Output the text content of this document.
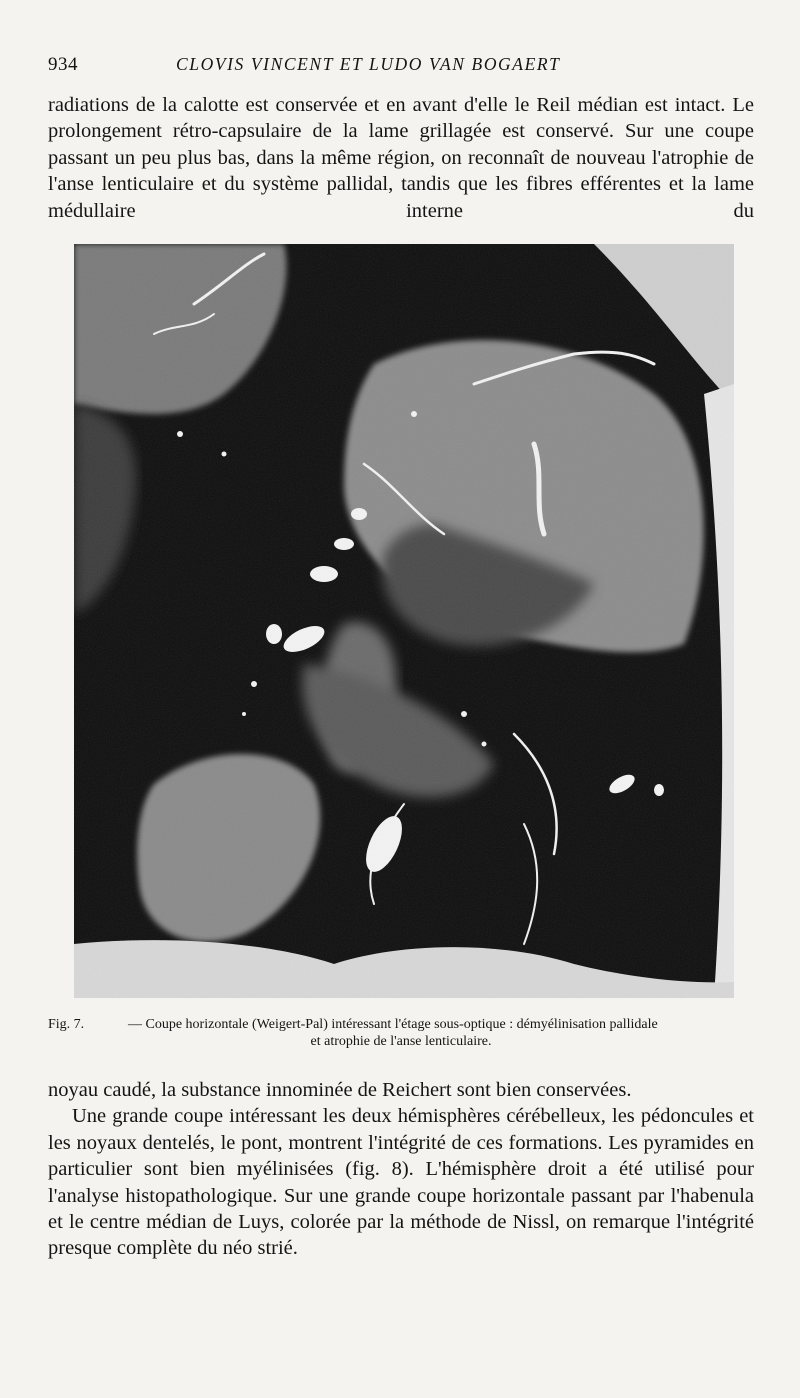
934	CLOVIS VINCENT ET LUDO VAN BOGAERT

radiations de la calotte est conservée et en avant d'elle le Reil médian est intact. Le prolongement rétro-capsulaire de la lame grillagée est conservé. Sur une coupe passant un peu plus bas, dans la même région, on reconnaît de nouveau l'atrophie de l'anse lenticulaire et du système pallidal, tandis que les fibres efférentes et la lame médullaire interne du

Fig. 7.	— Coupe horizontale (Weigert-Pal) intéressant l'étage sous-optique : démyélinisation pallidale
et atrophie de l'anse lenticulaire.
noyau caudé, la substance innominée de Reichert sont bien conservées.
Une grande coupe intéressant les deux hémisphères cérébelleux, les pédoncules et les noyaux dentelés, le pont, montrent l'intégrité de ces formations. Les pyramides en particulier sont bien myélinisées (fig. 8). L'hémisphère droit a été utilisé pour l'analyse histopathologique. Sur une grande coupe horizontale passant par l'habenula et le centre médian de Luys, colorée par la méthode de Nissl, on remarque l'intégrité presque complète du néo strié.
